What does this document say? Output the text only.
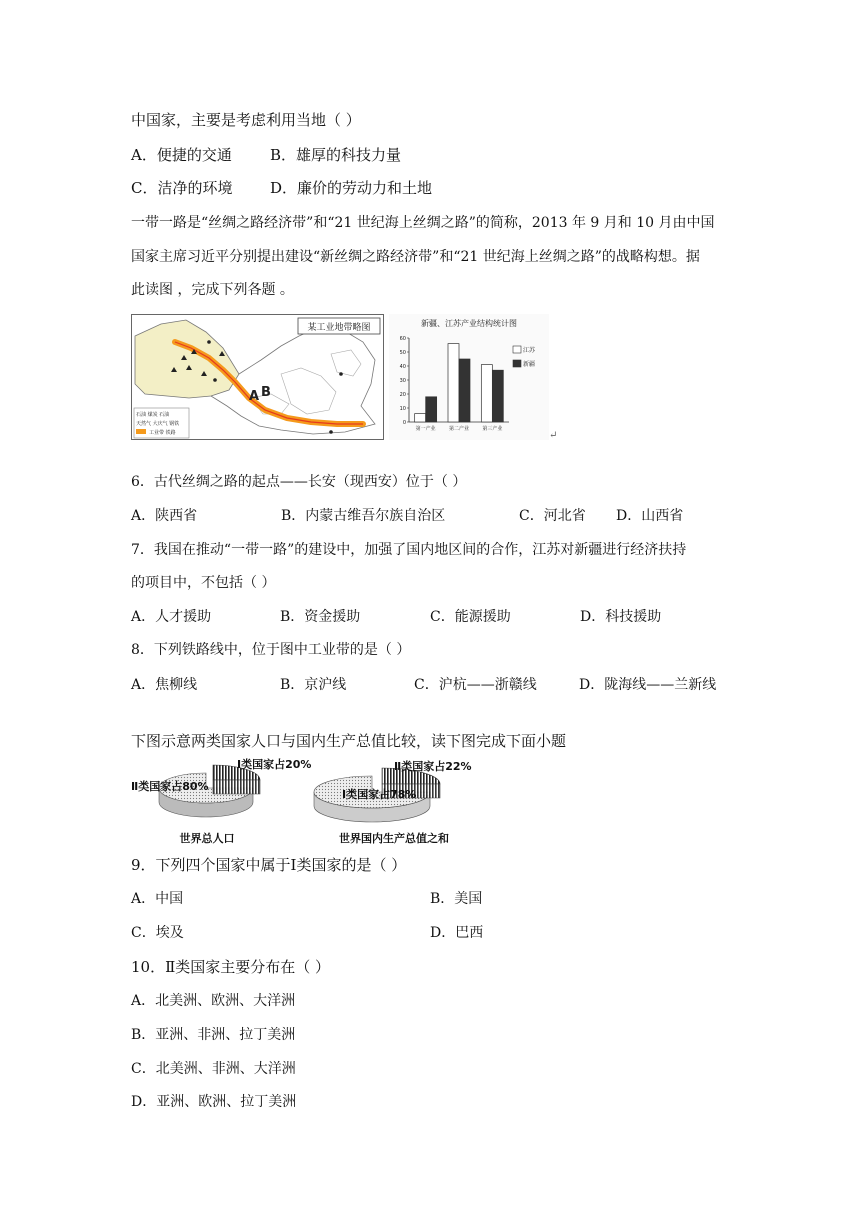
中国家，主要是考虑利用当地（ ）
A．便捷的交通	B．雄厚的科技力量
C．洁净的环境	D．廉价的劳动力和土地
一带一路是“丝绸之路经济带”和“21 世纪海上丝绸之路”的简称，2013 年 9 月和 10 月由中国
国家主席习近平分别提出建设“新丝绸之路经济带”和“21 世纪海上丝绸之路”的战略构想。据
此读图 ，完成下列各题 。
某工业地带略图
A B
石油 煤炭 石油
天然气 大庆气 钢铁
工业带 铁路
新疆、江苏产业结构统计图
0
10
20
30
40
50
60
第一产业	第二产业	第三产业
江苏
新疆
↵
6．古代丝绸之路的起点——长安（现西安）位于（ ）
A．陕西省	B．内蒙古维吾尔族自治区	C．河北省 D．山西省
7．我国在推动“一带一路”的建设中，加强了国内地区间的合作，江苏对新疆进行经济扶持
的项目中，不包括（ ）
A．人才援助	B．资金援助	C．能源援助	D．科技援助
8．下列铁路线中，位于图中工业带的是（ ）
A．焦柳线	B．京沪线	C．沪杭——浙赣线	D．陇海线——兰新线
下图示意两类国家人口与国内生产总值比较，读下图完成下面小题
Ⅰ类国家占20%
Ⅱ类国家占80%
世界总人口
Ⅱ类国家占22%
Ⅰ类国家占78%
世界国内生产总值之和
9．下列四个国家中属于Ⅰ类国家的是（ ）
A．中国	B．美国
C．埃及	D．巴西
10．Ⅱ类国家主要分布在（ ）
A．北美洲、欧洲、大洋洲
B．亚洲、非洲、拉丁美洲
C．北美洲、非洲、大洋洲
D．亚洲、欧洲、拉丁美洲
